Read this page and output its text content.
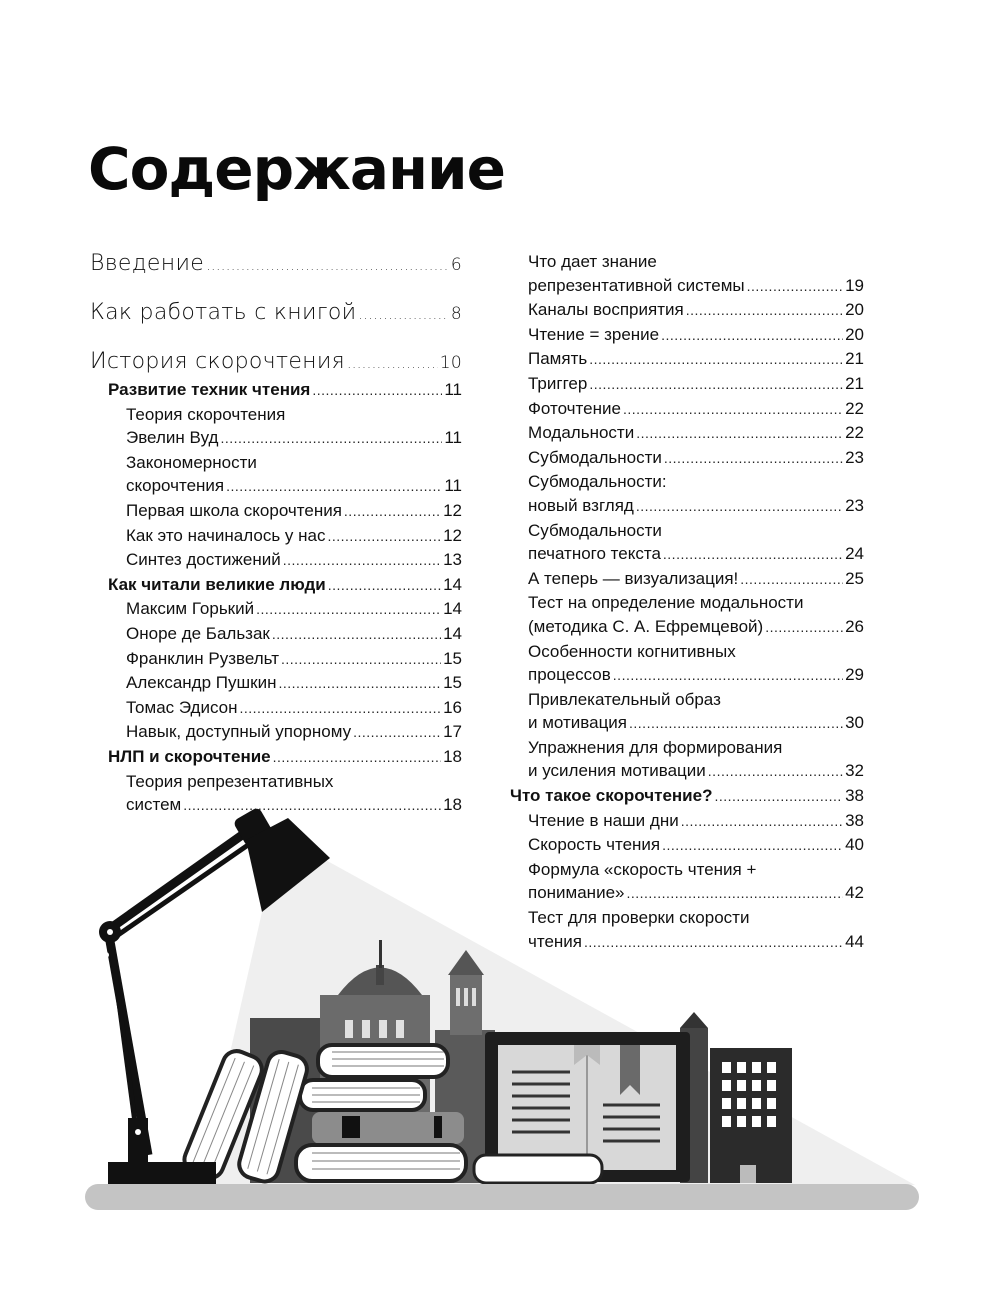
Содержание
Введение .....	6
Как работать с книгой .....	8
История скорочтения .....	10
Развитие техник чтения .....	11
Теория скорочтения
Эвелин Вуд .....	11
Закономерности
скорочтения .....	11
Первая школа скорочтения .....	12
Как это начиналось у нас .....	12
Синтез достижений .....	13
Как читали великие люди .....	14
Максим Горький .....	14
Оноре де Бальзак .....	14
Франклин Рузвельт .....	15
Александр Пушкин .....	15
Томас Эдисон .....	16
Навык, доступный упорному .....	17
НЛП и скорочтение .....	18
Теория репрезентативных
систем .....	18
Что дает знание
репрезентативной системы .....	19
Каналы восприятия .....	20
Чтение = зрение .....	20
Память .....	21
Триггер .....	21
Фоточтение .....	22
Модальности .....	22
Субмодальности .....	23
Субмодальности:
новый взгляд .....	23
Субмодальности
печатного текста .....	24
А теперь — визуализация! .....	25
Тест на определение модальности
(методика С. А. Ефремцевой) .....	26
Особенности когнитивных
процессов .....	29
Привлекательный образ
и мотивация .....	30
Упражнения для формирования
и усиления мотивации .....	32
Что такое скорочтение? .....	38
Чтение в наши дни .....	38
Скорость чтения .....	40
Формула «скорость чтения +
понимание» .....	42
Тест для проверки скорости
чтения .....	44
